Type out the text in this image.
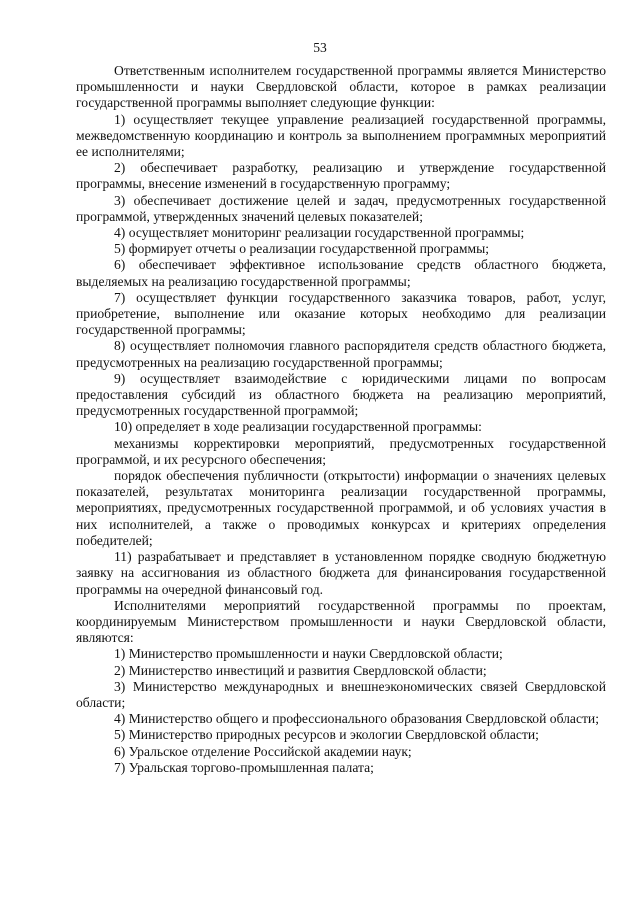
53

Ответственным исполнителем государственной программы является Министерство промышленности и науки Свердловской области, которое в рамках реализации государственной программы выполняет следующие функции:

1) осуществляет текущее управление реализацией государственной программы, межведомственную координацию и контроль за выполнением программных мероприятий ее исполнителями;

2) обеспечивает разработку, реализацию и утверждение государственной программы, внесение изменений в государственную программу;

3) обеспечивает достижение целей и задач, предусмотренных государственной программой, утвержденных значений целевых показателей;

4) осуществляет мониторинг реализации государственной программы;

5) формирует отчеты о реализации государственной программы;

6) обеспечивает эффективное использование средств областного бюджета, выделяемых на реализацию государственной программы;

7) осуществляет функции государственного заказчика товаров, работ, услуг, приобретение, выполнение или оказание которых необходимо для реализации государственной программы;

8) осуществляет полномочия главного распорядителя средств областного бюджета, предусмотренных на реализацию государственной программы;

9) осуществляет взаимодействие с юридическими лицами по вопросам предоставления субсидий из областного бюджета на реализацию мероприятий, предусмотренных государственной программой;

10) определяет в ходе реализации государственной программы:

механизмы корректировки мероприятий, предусмотренных государственной программой, и их ресурсного обеспечения;

порядок обеспечения публичности (открытости) информации о значениях целевых показателей, результатах мониторинга реализации государственной программы, мероприятиях, предусмотренных государственной программой, и об условиях участия в них исполнителей, а также о проводимых конкурсах и критериях определения победителей;

11) разрабатывает и представляет в установленном порядке сводную бюджетную заявку на ассигнования из областного бюджета для финансирования государственной программы на очередной финансовый год.

Исполнителями мероприятий государственной программы по проектам, координируемым Министерством промышленности и науки Свердловской области, являются:

1) Министерство промышленности и науки Свердловской области;

2) Министерство инвестиций и развития Свердловской области;

3) Министерство международных и внешнеэкономических связей Свердловской области;

4) Министерство общего и профессионального образования Свердловской области;

5) Министерство природных ресурсов и экологии Свердловской области;

6) Уральское отделение Российской академии наук;

7) Уральская торгово-промышленная палата;
